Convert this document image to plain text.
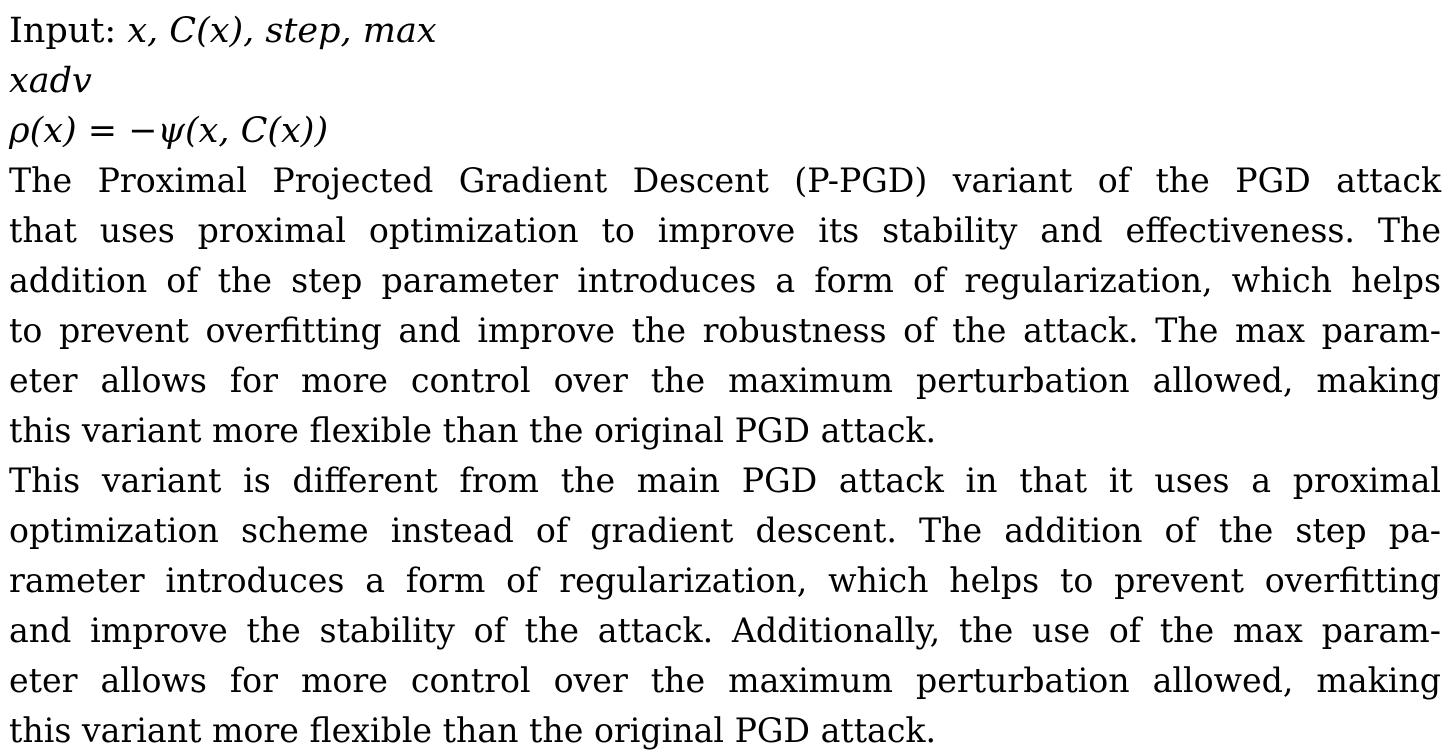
Input: x, C(x), step, max
xadv
ρ(x) = −ψ(x, C(x))
The Proximal Projected Gradient Descent (P-PGD) variant of the PGD attack
that uses proximal optimization to improve its stability and effectiveness. The
addition of the step parameter introduces a form of regularization, which helps
to prevent overfitting and improve the robustness of the attack. The max param-
eter allows for more control over the maximum perturbation allowed, making
this variant more flexible than the original PGD attack.
This variant is different from the main PGD attack in that it uses a proximal
optimization scheme instead of gradient descent. The addition of the step pa-
rameter introduces a form of regularization, which helps to prevent overfitting
and improve the stability of the attack. Additionally, the use of the max param-
eter allows for more control over the maximum perturbation allowed, making
this variant more flexible than the original PGD attack.
